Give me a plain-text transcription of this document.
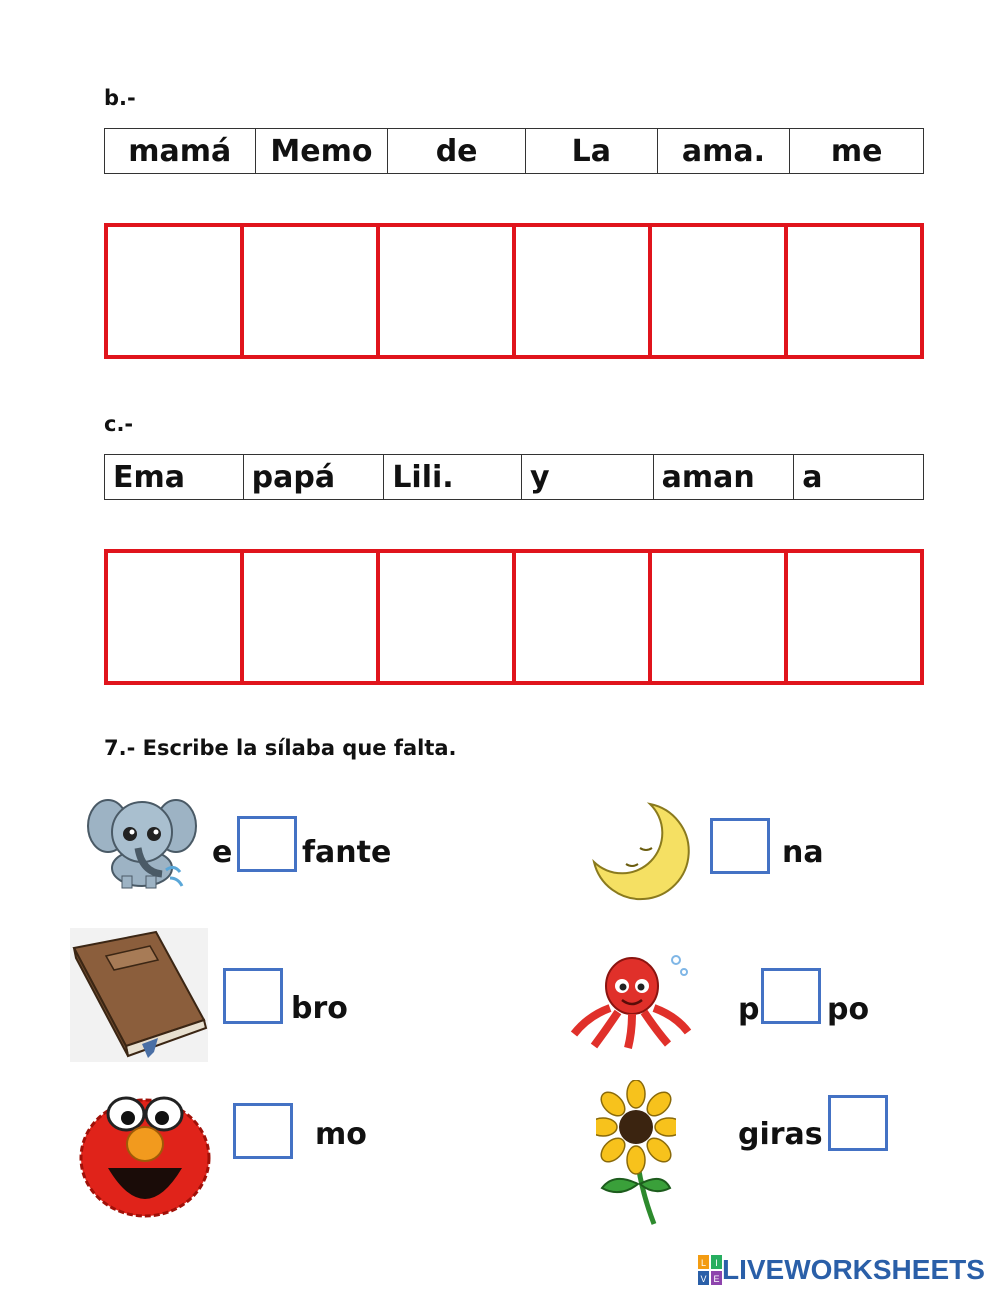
b.-
mamá	Memo	de	La	ama.	me
c.-
Ema	papá	Lili.	y	aman	a
7.- Escribe la sílaba que falta.
e fante	na
bro	p po
mo	giras
L I
V E LIVEWORKSHEETS
